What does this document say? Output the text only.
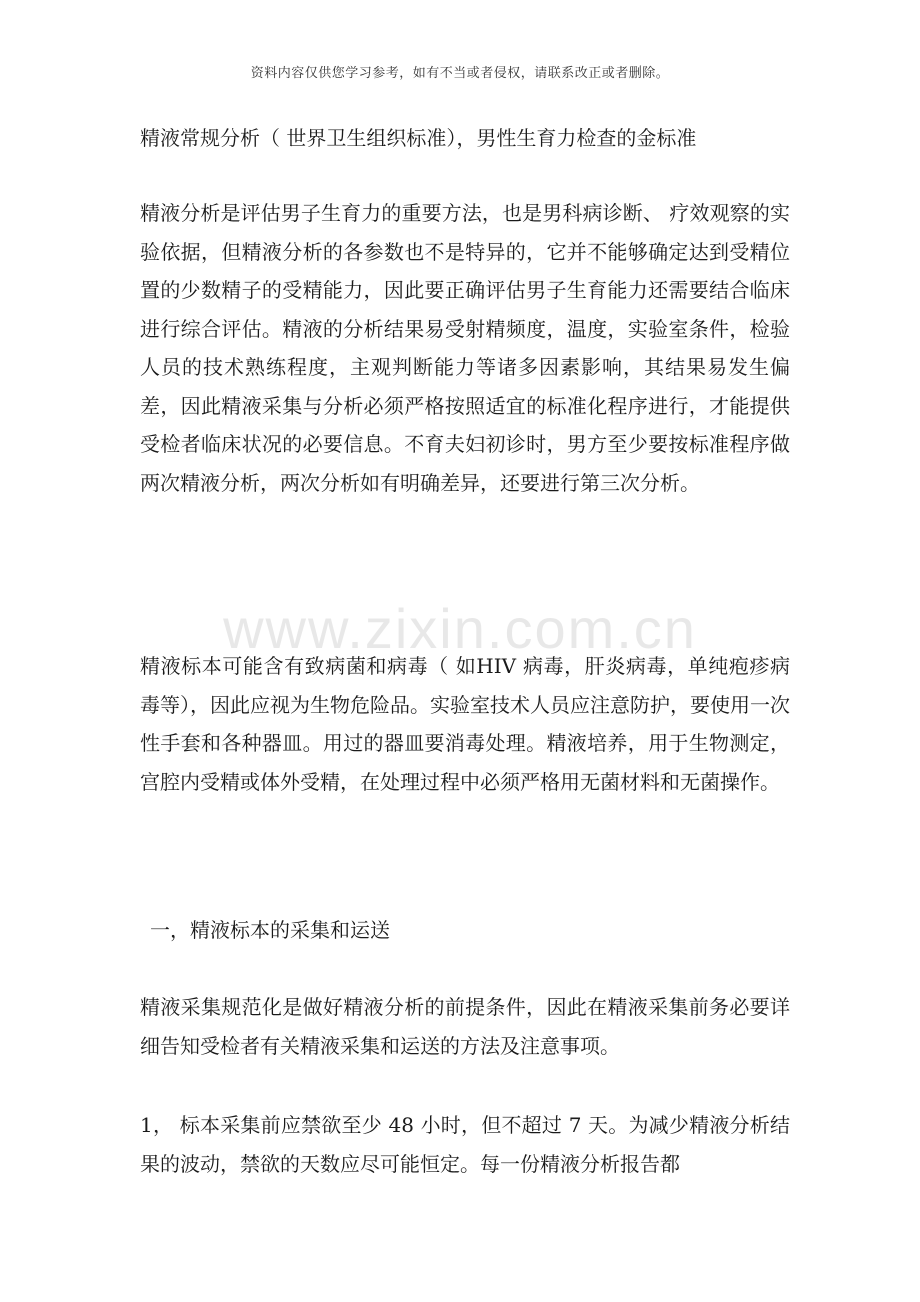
资料内容仅供您学习参考，如有不当或者侵权，请联系改正或者删除。
精液常规分析（ 世界卫生组织标准），男性生育力检查的金标准
精液分析是评估男子生育力的重要方法，也是男科病诊断、 疗效观察的实验依据，但精液分析的各参数也不是特异的，它并不能够确定达到受精位置的少数精子的受精能力，因此要正确评估男子生育能力还需要结合临床进行综合评估。精液的分析结果易受射精频度，温度，实验室条件，检验人员的技术熟练程度，主观判断能力等诸多因素影响，其结果易发生偏差，因此精液采集与分析必须严格按照适宜的标准化程序进行，才能提供受检者临床状况的必要信息。不育夫妇初诊时，男方至少要按标准程序做两次精液分析，两次分析如有明确差异，还要进行第三次分析。
www.zixin.com.cn
精液标本可能含有致病菌和病毒（ 如HIV 病毒，肝炎病毒，单纯疱疹病毒等），因此应视为生物危险品。实验室技术人员应注意防护，要使用一次性手套和各种器皿。用过的器皿要消毒处理。精液培养，用于生物测定，宫腔内受精或体外受精，在处理过程中必须严格用无菌材料和无菌操作。
一，精液标本的采集和运送
精液采集规范化是做好精液分析的前提条件，因此在精液采集前务必要详细告知受检者有关精液采集和运送的方法及注意事项。
1， 标本采集前应禁欲至少 48 小时，但不超过 7 天。为减少精液分析结果的波动，禁欲的天数应尽可能恒定。每一份精液分析报告都
